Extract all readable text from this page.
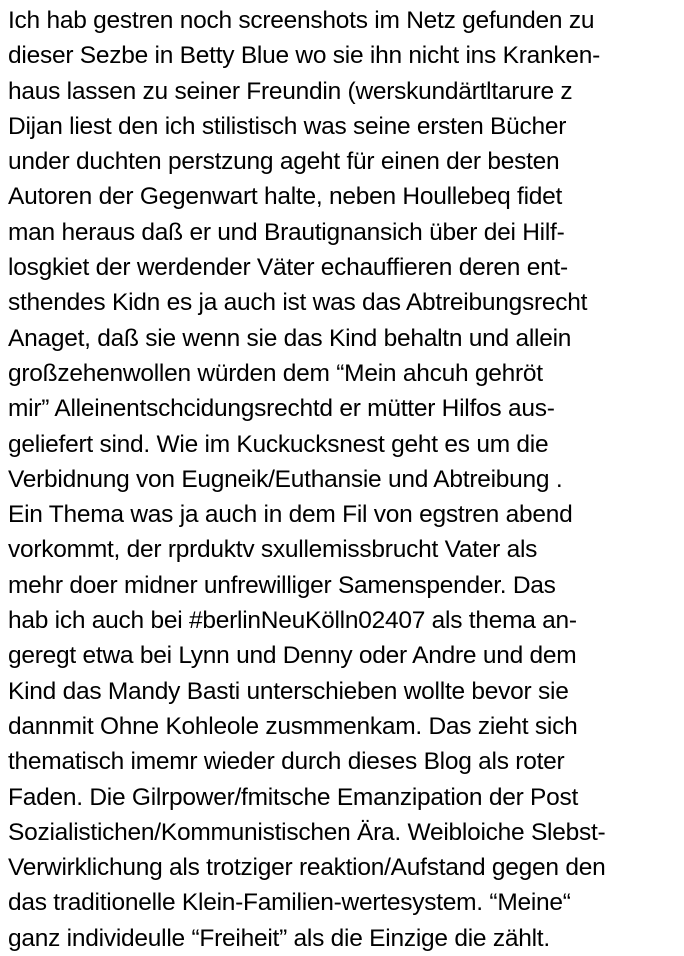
Ich hab gestren noch screenshots im Netz gefunden zu
dieser Sezbe in Betty Blue wo sie ihn nicht ins Kranken-
haus lassen zu seiner Freundin (werskundärtltarure z
Dijan liest den ich stilistisch was seine ersten Bücher
under duchten perstzung ageht für einen der besten
Autoren der Gegenwart halte, neben Houllebeq fidet
man heraus daß er und Brautignansich über dei Hilf-
losgkiet der werdender Väter echauffieren deren ent-
sthendes Kidn es ja auch ist was das Abtreibungsrecht
Anaget, daß sie wenn sie das Kind behaltn und allein
großzehenwollen würden dem “Mein ahcuh gehröt
mir” Alleinentschcidungsrechtd er mütter Hilfos aus-
geliefert sind. Wie im Kuckucksnest geht es um die
Verbidnung von Eugneik/Euthansie und Abtreibung .
Ein Thema was ja auch in dem Fil von egstren abend
vorkommt, der rprduktv sxullemissbrucht Vater als
mehr doer midner unfrewilliger Samenspender. Das
hab ich auch bei #berlinNeuKölln02407 als thema an-
geregt etwa bei Lynn und Denny oder Andre und dem
Kind das Mandy Basti unterschieben wollte bevor sie
dannmit Ohne Kohleole zusmmenkam. Das zieht sich
thematisch imemr wieder durch dieses Blog als roter
Faden. Die Gilrpower/fmitsche Emanzipation der Post
Sozialistichen/Kommunistischen Ära. Weibloiche Slebst-
Verwirklichung als trotziger reaktion/Aufstand gegen den
das traditionelle Klein-Familien-wertesystem. “Meine“
ganz individeulle “Freiheit” als die Einzige die zählt.
